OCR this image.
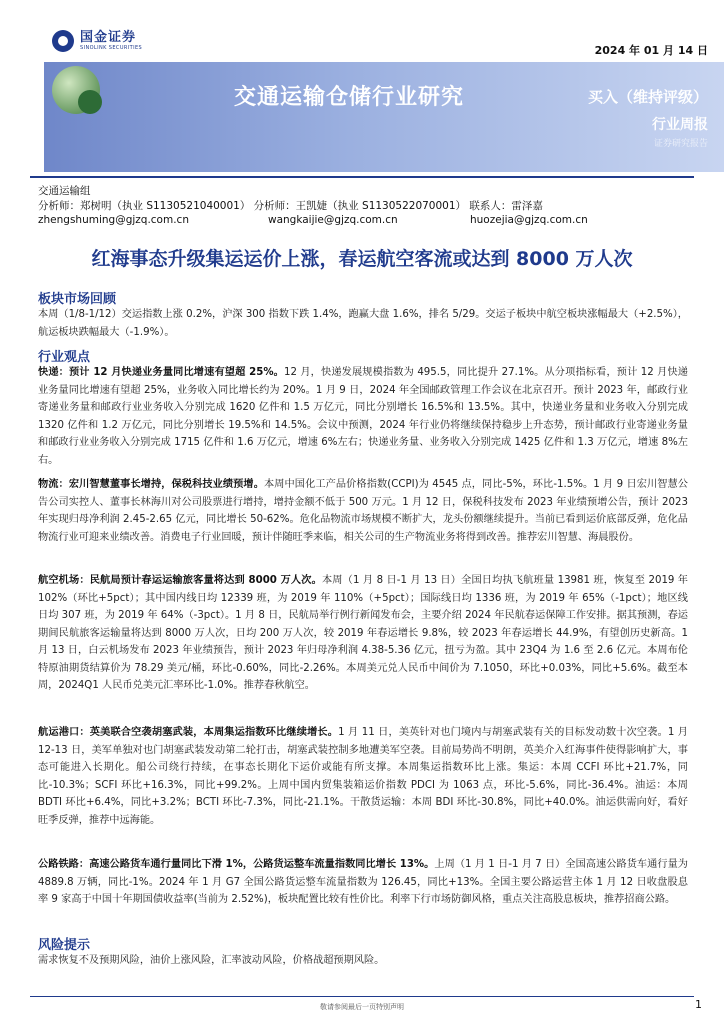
国金证券
SINOLINK SECURITIES	2024 年 01 月 14 日
交通运输仓储行业研究	买入（维持评级）
行业周报
证券研究报告
交通运输组
分析师：郑树明（执业 S1130521040001） 分析师：王凯婕（执业 S1130522070001） 联系人：雷泽嘉
zhengshuming@gjzq.com.cn	wangkaijie@gjzq.com.cn	huozejia@gjzq.com.cn
红海事态升级集运运价上涨，春运航空客流或达到 8000 万人次
板块市场回顾
本周（1/8-1/12）交运指数上涨 0.2%，沪深 300 指数下跌 1.4%，跑赢大盘 1.6%，排名 5/29。交运子板块中航空板块涨幅最大（+2.5%），航运板块跌幅最大（-1.9%）。
行业观点
快递：预计 12 月快递业务量同比增速有望超 25%。12 月，快递发展规模指数为 495.5，同比提升 27.1%。从分项指标看，预计 12 月快递业务量同比增速有望超 25%，业务收入同比增长约为 20%。1 月 9 日，2024 年全国邮政管理工作会议在北京召开。预计 2023 年，邮政行业寄递业务量和邮政行业业务收入分别完成 1620 亿件和 1.5 万亿元，同比分别增长 16.5%和 13.5%。其中，快递业务量和业务收入分别完成 1320 亿件和 1.2 万亿元，同比分别增长 19.5%和 14.5%。会议中预测，2024 年行业仍将继续保持稳步上升态势，预计邮政行业寄递业务量和邮政行业业务收入分别完成 1715 亿件和 1.6 万亿元，增速 6%左右；快递业务量、业务收入分别完成 1425 亿件和 1.3 万亿元，增速 8%左右。
物流：宏川智慧董事长增持，保税科技业绩预增。本周中国化工产品价格指数(CCPI)为 4545 点，同比-5%，环比-1.5%。1 月 9 日宏川智慧公告公司实控人、董事长林海川对公司股票进行增持，增持金额不低于 500 万元。1 月 12 日，保税科技发布 2023 年业绩预增公告，预计 2023 年实现归母净利润 2.45-2.65 亿元，同比增长 50-62%。危化品物流市场规模不断扩大，龙头份额继续提升。当前已看到运价底部反弹，危化品物流行业可迎来业绩改善。消费电子行业回暖，预计伴随旺季来临，相关公司的生产物流业务将得到改善。推荐宏川智慧、海晨股份。
航空机场：民航局预计春运运输旅客量将达到 8000 万人次。本周（1 月 8 日-1 月 13 日）全国日均执飞航班量 13981 班，恢复至 2019 年 102%（环比+5pct）；其中国内线日均 12339 班，为 2019 年 110%（+5pct）；国际线日均 1336 班，为 2019 年 65%（-1pct）；地区线日均 307 班，为 2019 年 64%（-3pct）。1 月 8 日，民航局举行例行新闻发布会，主要介绍 2024 年民航春运保障工作安排。据其预测，春运期间民航旅客运输量将达到 8000 万人次，日均 200 万人次，较 2019 年春运增长 9.8%，较 2023 年春运增长 44.9%，有望创历史新高。1 月 13 日，白云机场发布 2023 年业绩预告，预计 2023 年归母净利润 4.38-5.36 亿元，扭亏为盈。其中 23Q4 为 1.6 至 2.6 亿元。本周布伦特原油期货结算价为 78.29 美元/桶，环比-0.60%，同比-2.26%。本周美元兑人民币中间价为 7.1050，环比+0.03%，同比+5.6%。截至本周，2024Q1 人民币兑美元汇率环比-1.0%。推荐春秋航空。
航运港口：英美联合空袭胡塞武装，本周集运指数环比继续增长。1 月 11 日，美英针对也门境内与胡塞武装有关的目标发动数十次空袭。1 月 12-13 日，美军单独对也门胡塞武装发动第二轮打击，胡塞武装控制多地遭美军空袭。目前局势尚不明朗，英美介入红海事件使得影响扩大，事态可能进入长期化。船公司绕行持续，在事态长期化下运价或能有所支撑。本周集运指数环比上涨。集运：本周 CCFI 环比+21.7%，同比-10.3%；SCFI 环比+16.3%，同比+99.2%。上周中国内贸集装箱运价指数 PDCI 为 1063 点，环比-5.6%，同比-36.4%。油运：本周 BDTI 环比+6.4%，同比+3.2%；BCTI 环比-7.3%，同比-21.1%。干散货运输：本周 BDI 环比-30.8%，同比+40.0%。油运供需向好，看好旺季反弹，推荐中远海能。
公路铁路：高速公路货车通行量同比下滑 1%，公路货运整车流量指数同比增长 13%。上周（1 月 1 日-1 月 7 日）全国高速公路货车通行量为 4889.8 万辆，同比-1%。2024 年 1 月 G7 全国公路货运整车流量指数为 126.45，同比+13%。全国主要公路运营主体 1 月 12 日收盘股息率 9 家高于中国十年期国债收益率(当前为 2.52%)，板块配置比较有性价比。利率下行市场防御风格，重点关注高股息板块，推荐招商公路。
风险提示
需求恢复不及预期风险，油价上涨风险，汇率波动风险，价格战超预期风险。
敬请参阅最后一页特别声明	1
